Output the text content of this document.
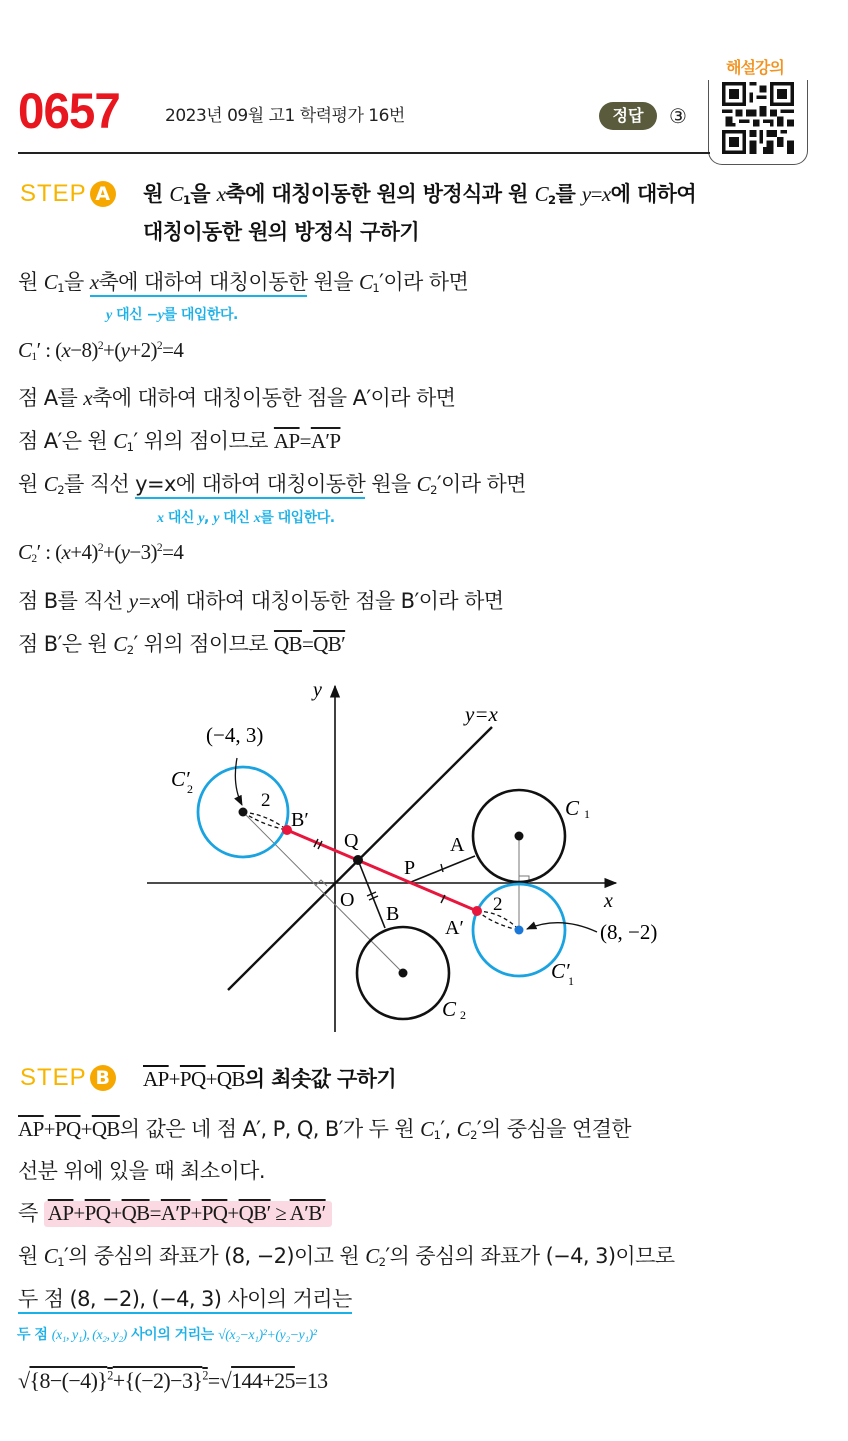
0657	2023년 09월 고1 학력평가 16번	정답	③
해설강의
STEP A 원 $C_1$을 x축에 대칭이동한 원의 방정식과 원 $C_2$를 y=x에 대하여
대칭이동한 원의 방정식 구하기
원 $C_1$을 x축에 대하여 대칭이동한 원을 $C_1'$이라 하면
y 대신 −y를 대입한다.
$C_1'$ : $(x-8)^2+(y+2)^2=4$
점 A를 x축에 대하여 대칭이동한 점을 A′이라 하면
점 A′은 원 $C_1'$ 위의 점이므로 $\overline{AP}=A'P$
원 $C_2$를 직선 y=x에 대하여 대칭이동한 원을 $C_2'$이라 하면
x 대신 y, y 대신 x를 대입한다.
$C_2'$ : $(x+4)^2+(y-3)^2=4$
점 B를 직선 y=x에 대하여 대칭이동한 점을 B′이라 하면
점 B′은 원 $C_2'$ 위의 점이므로 $\overline{QB}=QB'$
y
x
y=x
O
(−4, 3)
(8, −2)
C′
2
C′
1
C 1
C 2
2
2
A
A′
B
B′
P
Q
STEP B $\overline{AP}+\overline{PQ}+\overline{QB}$의 최솟값 구하기
$\overline{AP}+\overline{PQ}+\overline{QB}$의 값은 네 점 A′, P, Q, B′가 두 원 $C_1'$, $C_2'$의 중심을 연결한
선분 위에 있을 때 최소이다.
즉 $\overline{AP}+\overline{PQ}+\overline{QB}=A'P+\overline{PQ}+QB' \ge A'B'$
원 $C_1'$의 중심의 좌표가 (8, −2)이고 원 $C_2'$의 중심의 좌표가 (−4, 3)이므로
두 점 (8, −2), (−4, 3) 사이의 거리는
두 점 (x₁, y₁), (x₂, y₂) 사이의 거리는 √(x₂−x₁)²+(y₂−y₁)²
$√\{8-(-4)\}^2+\{(-2)-3\}^2=√144+25=13$
